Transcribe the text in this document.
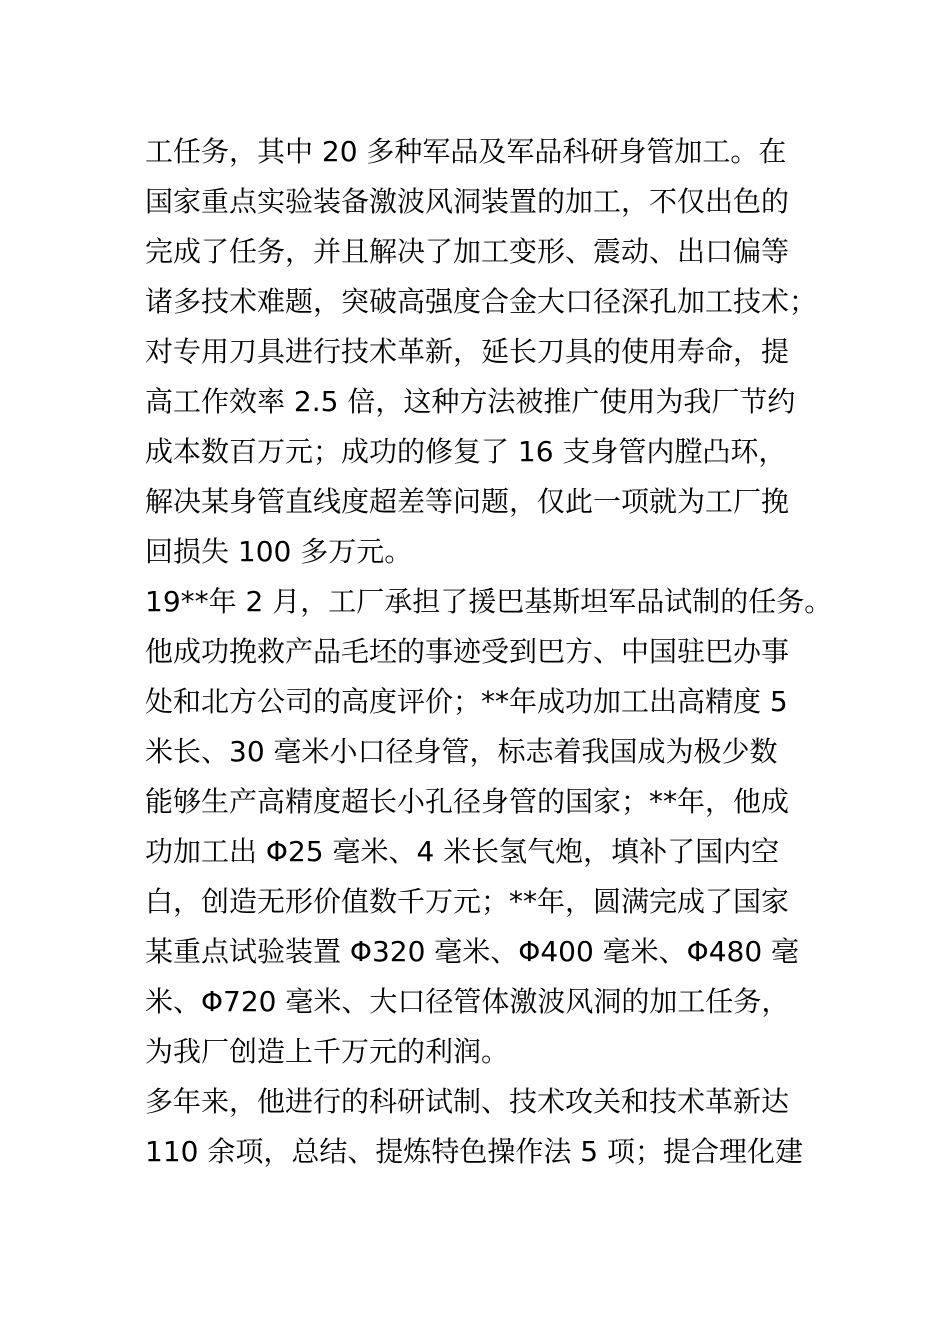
工任务，其中 20 多种军品及军品科研身管加工。在
国家重点实验装备激波风洞装置的加工，不仅出色的
完成了任务，并且解决了加工变形、震动、出口偏等
诸多技术难题，突破高强度合金大口径深孔加工技术；
对专用刀具进行技术革新，延长刀具的使用寿命，提
高工作效率 2.5 倍，这种方法被推广使用为我厂节约
成本数百万元；成功的修复了 16 支身管内膛凸环，
解决某身管直线度超差等问题，仅此一项就为工厂挽
回损失 100 多万元。
19**年 2 月，工厂承担了援巴基斯坦军品试制的任务。
他成功挽救产品毛坯的事迹受到巴方、中国驻巴办事
处和北方公司的高度评价；**年成功加工出高精度 5
米长、30 毫米小口径身管，标志着我国成为极少数
能够生产高精度超长小孔径身管的国家；**年，他成
功加工出 Φ25 毫米、4 米长氢气炮，填补了国内空
白，创造无形价值数千万元；**年，圆满完成了国家
某重点试验装置 Φ320 毫米、Φ400 毫米、Φ480 毫
米、Φ720 毫米、大口径管体激波风洞的加工任务，
为我厂创造上千万元的利润。
多年来，他进行的科研试制、技术攻关和技术革新达
110 余项，总结、提炼特色操作法 5 项；提合理化建
